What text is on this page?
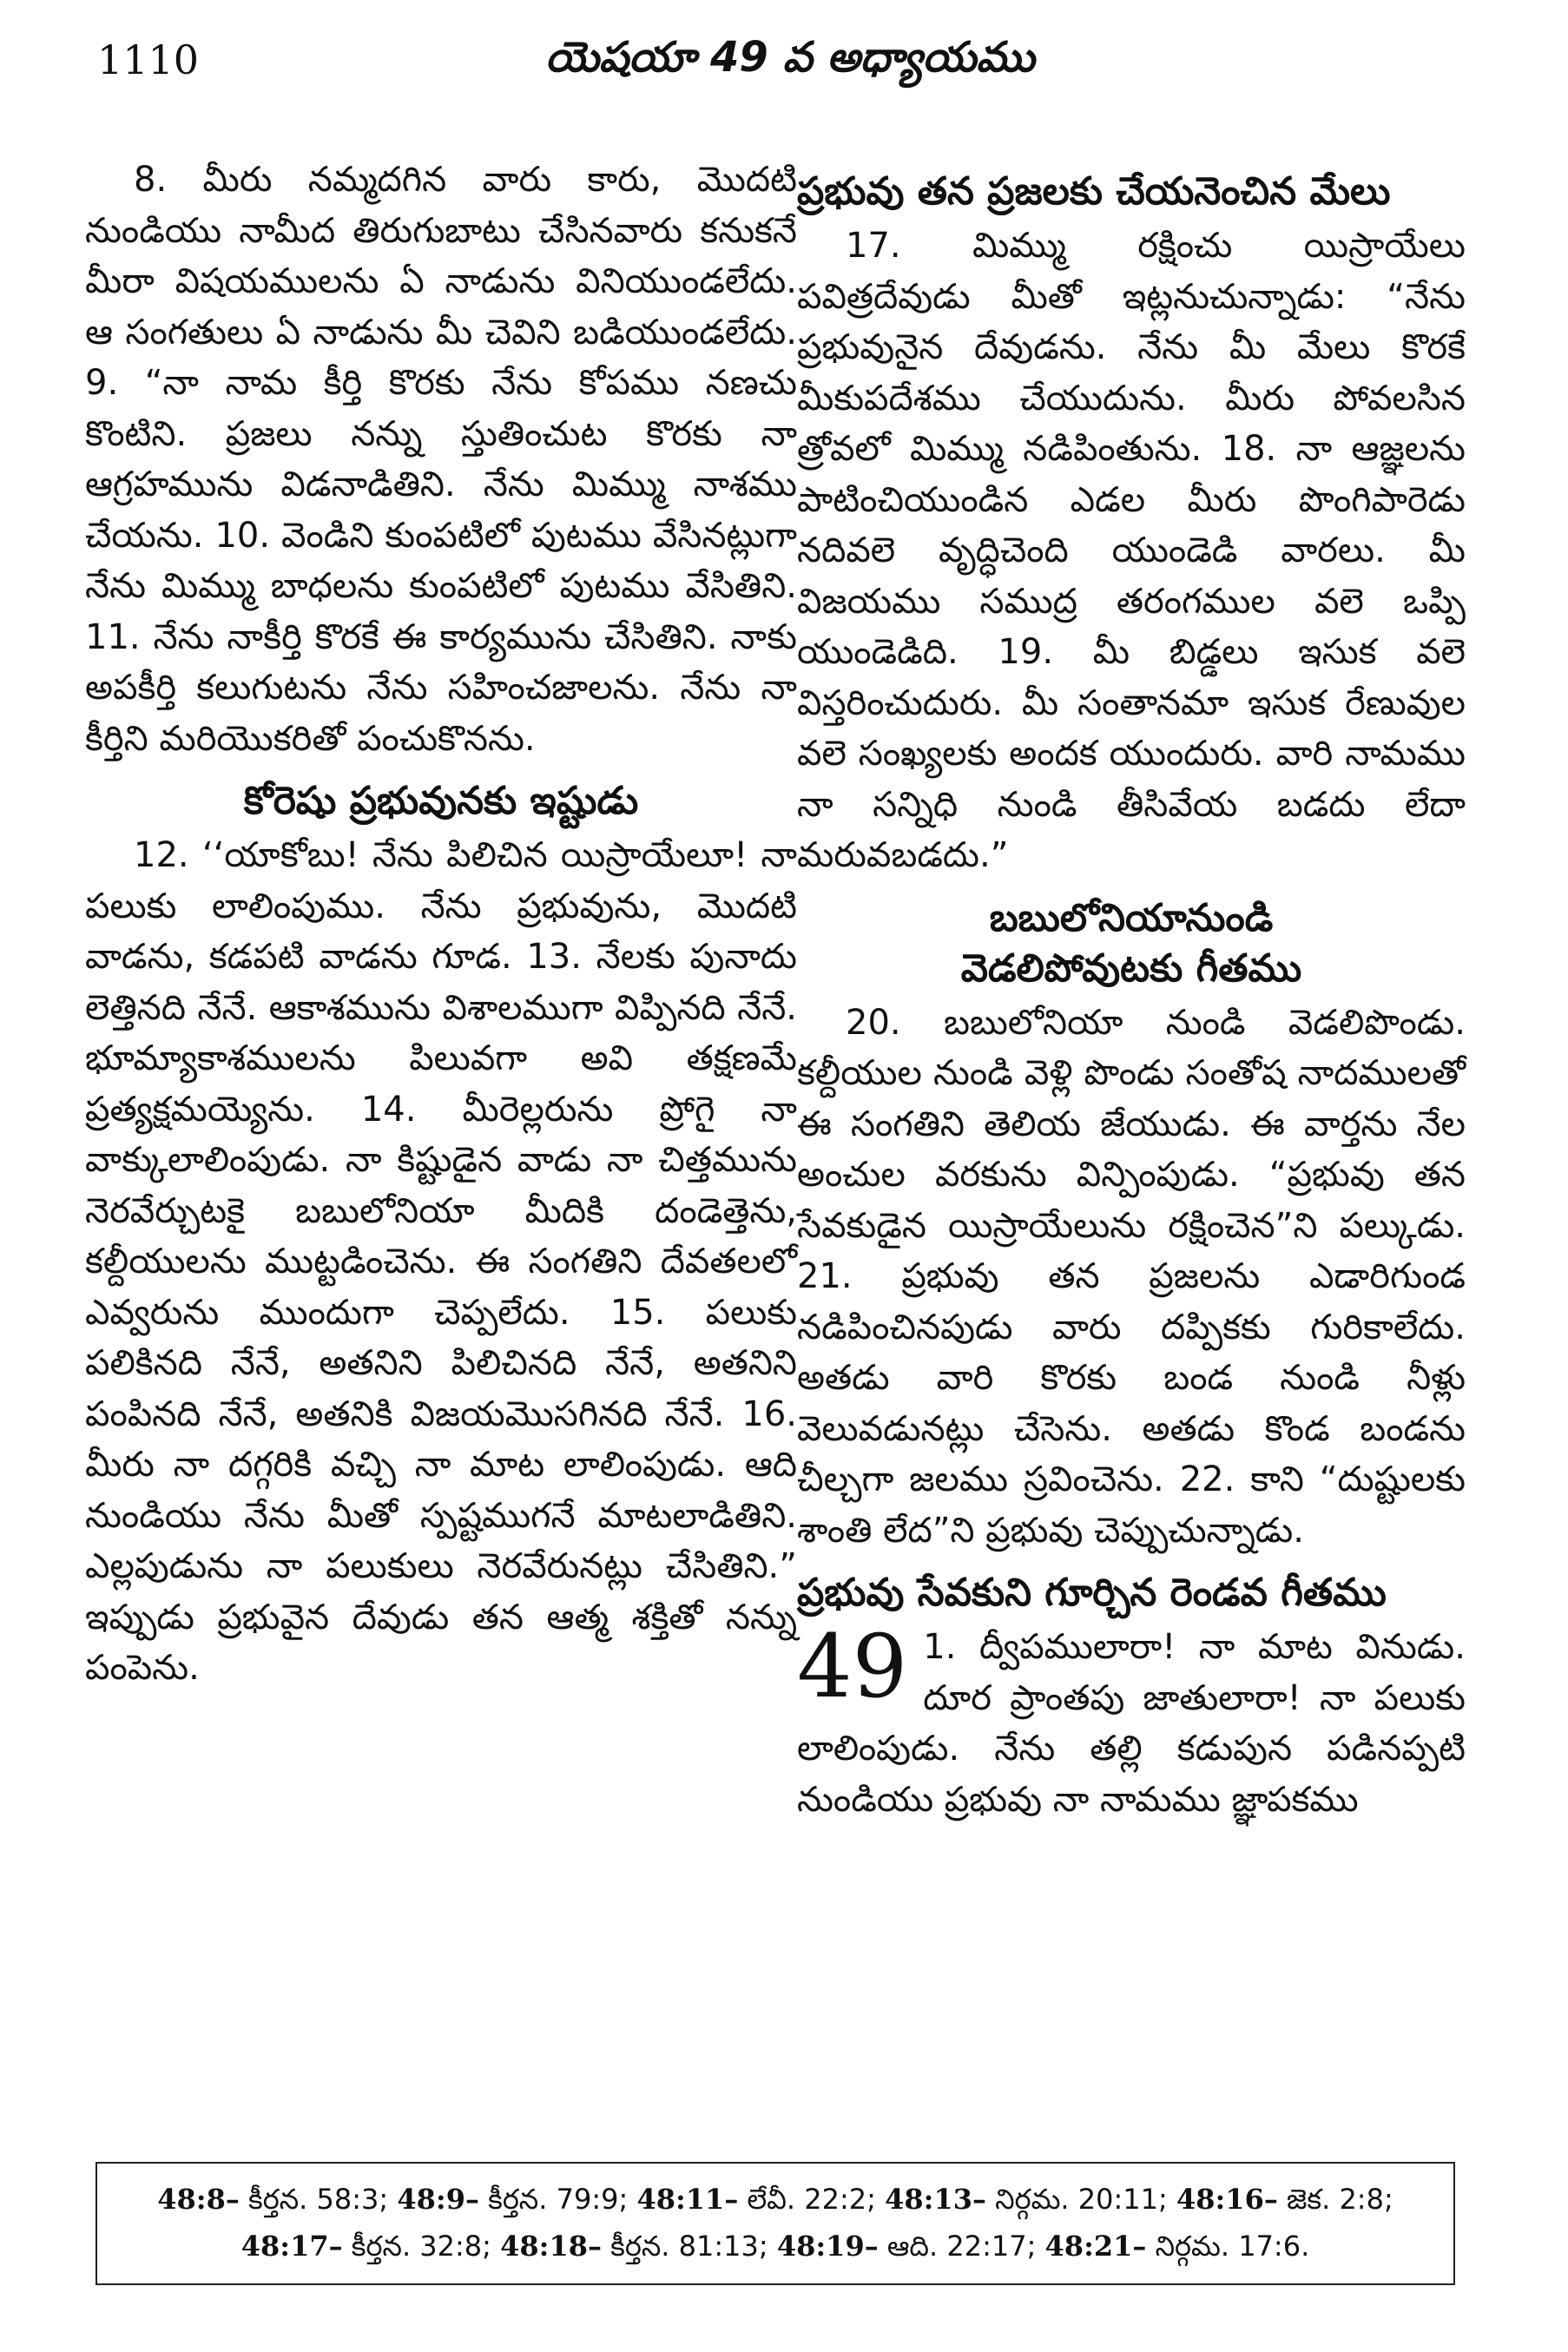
1110	యెషయా 49 వ అధ్యాయము

8. మీరు నమ్మదగిన వారు కారు, మొదటి నుండియు నామీద తిరుగుబాటు చేసినవారు కనుకనే మీరా విషయములను ఏ నాడును వినియుండలేదు. ఆ సంగతులు ఏ నాడును మీ చెవిని బడియుండలేదు. 9. “నా నామ కీర్తి కొరకు నేను కోపము నణచు కొంటిని. ప్రజలు నన్ను స్తుతించుట కొరకు నా ఆగ్రహమును విడనాడితిని. నేను మిమ్ము నాశము చేయను. 10. వెండిని కుంపటిలో పుటము వేసినట్లుగా నేను మిమ్ము బాధలను కుంపటిలో పుటము వేసితిని. 11. నేను నాకీర్తి కొరకే ఈ కార్యమును చేసితిని. నాకు అపకీర్తి కలుగుటను నేను సహించజాలను. నేను నా కీర్తిని మరియొకరితో పంచుకొనను.

కోరెషు ప్రభువునకు ఇష్టుడు

12. ‘‘యాకోబు! నేను పిలిచిన యిస్రాయేలూ! నా పలుకు లాలింపుము. నేను ప్రభువును, మొదటి వాడను, కడపటి వాడను గూడ. 13. నేలకు పునాదు లెత్తినది నేనే. ఆకాశమును విశాలముగా విప్పినది నేనే. భూమ్యాకాశములను పిలువగా అవి తక్షణమే ప్రత్యక్షమయ్యెను. 14. మీరెల్లరును ప్రోగై నా వాక్కులాలింపుడు. నా కిష్టుడైన వాడు నా చిత్తమును నెరవేర్చుటకై బబులోనియా మీదికి దండెత్తెను, కల్దీయులను ముట్టడించెను. ఈ సంగతిని దేవతలలో ఎవ్వరును ముందుగా చెప్పలేదు. 15. పలుకు పలికినది నేనే, అతనిని పిలిచినది నేనే, అతనిని పంపినది నేనే, అతనికి విజయమొసగినది నేనే. 16. మీరు నా దగ్గరికి వచ్చి నా మాట లాలింపుడు. ఆది నుండియు నేను మీతో స్పష్టముగనే మాటలాడితిని. ఎల్లపుడును నా పలుకులు నెరవేరునట్లు చేసితిని.” ఇప్పుడు ప్రభువైన దేవుడు తన ఆత్మ శక్తితో నన్ను పంపెను.

ప్రభువు తన ప్రజలకు చేయనెంచిన మేలు

17. మిమ్ము రక్షించు యిస్రాయేలు పవిత్రదేవుడు మీతో ఇట్లనుచున్నాడు: “నేను ప్రభువునైన దేవుడను. నేను మీ మేలు కొరకే మీకుపదేశము చేయుదును. మీరు పోవలసిన త్రోవలో మిమ్ము నడిపింతును. 18. నా ఆజ్ఞలను పాటించియుండిన ఎడల మీరు పొంగిపారెడు నదివలె వృద్ధిచెంది యుండెడి వారలు. మీ విజయము సముద్ర తరంగముల వలె ఒప్పి యుండెడిది. 19. మీ బిడ్డలు ఇసుక వలె విస్తరించుదురు. మీ సంతానమా ఇసుక రేణువుల వలె సంఖ్యలకు అందక యుందురు. వారి నామము నా సన్నిధి నుండి తీసివేయ బడదు లేదా మరువబడదు.”

బబులోనియానుండి
వెడలిపోవుటకు గీతము

20. బబులోనియా నుండి వెడలిపొండు. కల్దీయుల నుండి వెళ్లి పొండు సంతోష నాదములతో ఈ సంగతిని తెలియ జేయుడు. ఈ వార్తను నేల అంచుల వరకును విన్పింపుడు. “ప్రభువు తన సేవకుడైన యిస్రాయేలును రక్షించెన”ని పల్కుడు. 21. ప్రభువు తన ప్రజలను ఎడారిగుండ నడిపించినపుడు వారు దప్పికకు గురికాలేదు. అతడు వారి కొరకు బండ నుండి నీళ్లు వెలువడునట్లు చేసెను. అతడు కొండ బండను చీల్చగా జలము స్రవించెను. 22. కాని “దుష్టులకు శాంతి లేద”ని ప్రభువు చెప్పుచున్నాడు.

ప్రభువు సేవకుని గూర్చిన రెండవ గీతము
49 1. ద్వీపములారా! నా మాట వినుడు. దూర ప్రాంతపు జాతులారా! నా పలుకు లాలింపుడు. నేను తల్లి కడుపున పడినప్పటి నుండియు ప్రభువు నా నామము జ్ఞాపకము

48:8– కీర్తన. 58:3; 48:9– కీర్తన. 79:9; 48:11– లేవీ. 22:2; 48:13– నిర్గమ. 20:11; 48:16– జెక. 2:8; 48:17– కీర్తన. 32:8; 48:18– కీర్తన. 81:13; 48:19– ఆది. 22:17; 48:21– నిర్గమ. 17:6.
